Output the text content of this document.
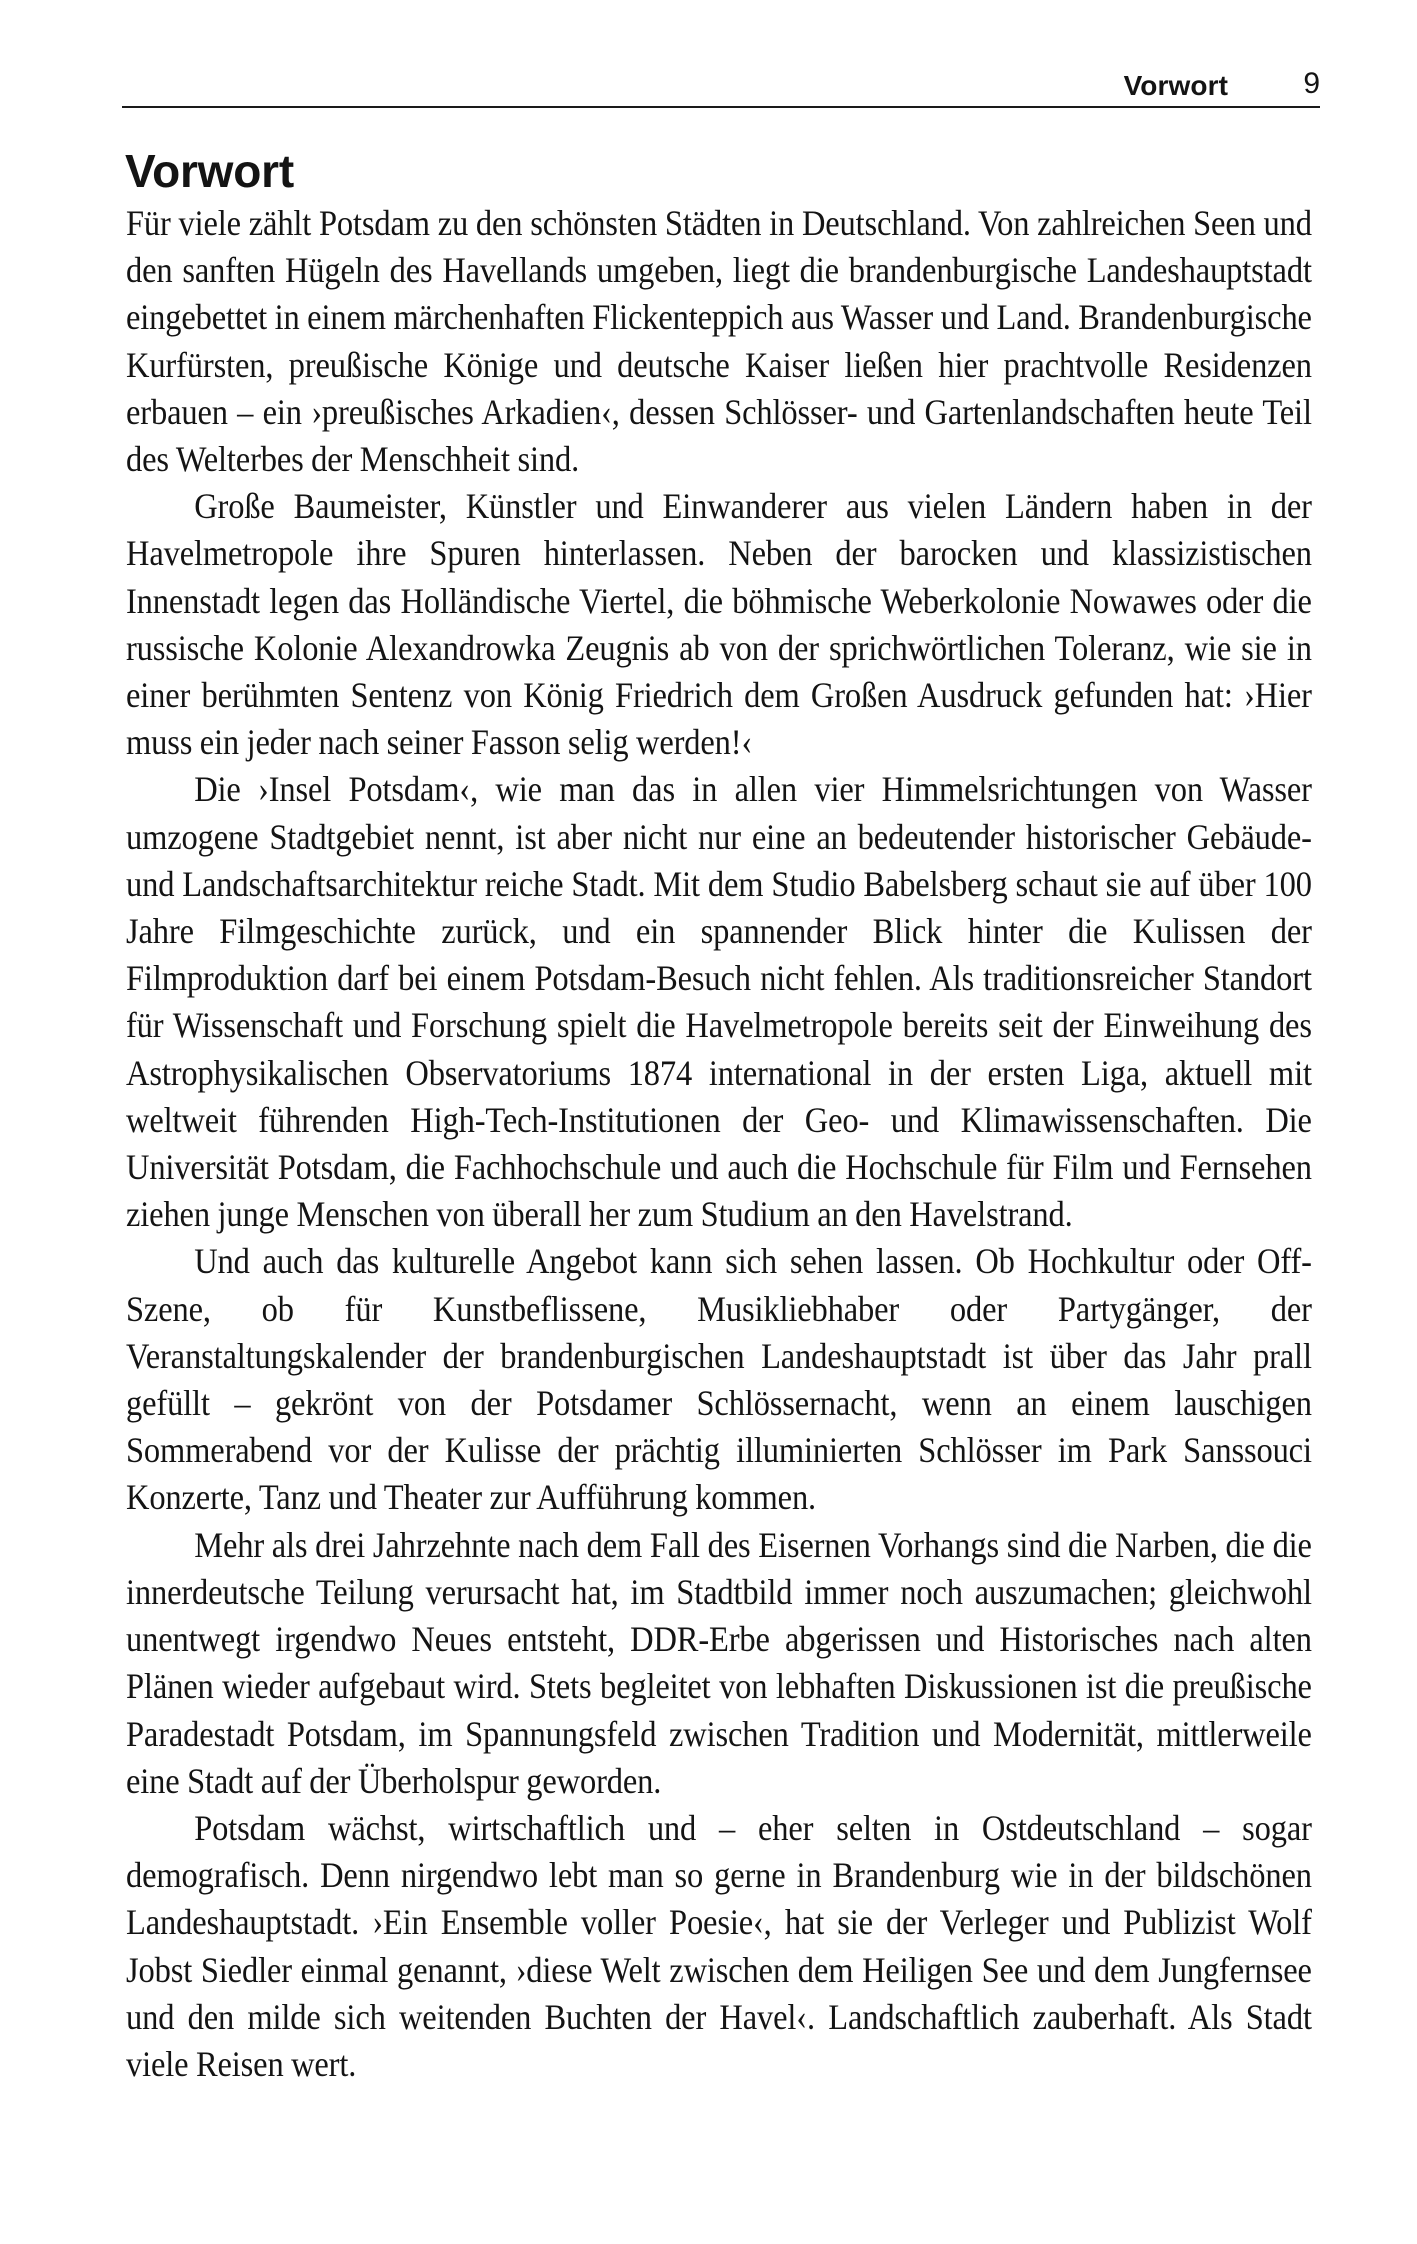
Vorwort	9
Vorwort

Für viele zählt Potsdam zu den schönsten Städten in Deutschland. Von zahlreichen Seen und den sanften Hügeln des Havellands umgeben, liegt die brandenburgische Landeshauptstadt eingebettet in einem märchenhaften Flickenteppich aus Wasser und Land. Brandenburgische Kurfürsten, preußische Könige und deutsche Kaiser ließen hier prachtvolle Residenzen erbauen – ein ›preußisches Arkadien‹, dessen Schlösser- und Gartenlandschaften heute Teil des Welterbes der Menschheit sind.

Große Baumeister, Künstler und Einwanderer aus vielen Ländern haben in der Havelmetropole ihre Spuren hinterlassen. Neben der barocken und klassizistischen Innenstadt legen das Holländische Viertel, die böhmische Weberkolonie Nowawes oder die russische Kolonie Alexandrowka Zeugnis ab von der sprichwörtlichen Toleranz, wie sie in einer berühmten Sentenz von König Friedrich dem Großen Ausdruck gefunden hat: ›Hier muss ein jeder nach seiner Fasson selig werden!‹

Die ›Insel Potsdam‹, wie man das in allen vier Himmelsrichtungen von Wasser umzogene Stadtgebiet nennt, ist aber nicht nur eine an bedeutender historischer Gebäude- und Landschaftsarchitektur reiche Stadt. Mit dem Studio Babelsberg schaut sie auf über 100 Jahre Filmgeschichte zurück, und ein spannender Blick hinter die Kulissen der Filmproduktion darf bei einem Potsdam-Besuch nicht fehlen. Als traditionsreicher Standort für Wissenschaft und Forschung spielt die Havelmetropole bereits seit der Einweihung des Astrophysikalischen Observatoriums 1874 international in der ersten Liga, aktuell mit weltweit führenden High-Tech-Institutionen der Geo- und Klimawissenschaften. Die Universität Potsdam, die Fachhochschule und auch die Hochschule für Film und Fernsehen ziehen junge Menschen von überall her zum Studium an den Havelstrand.

Und auch das kulturelle Angebot kann sich sehen lassen. Ob Hochkultur oder Off-Szene, ob für Kunstbeflissene, Musikliebhaber oder Partygänger, der Veranstaltungskalender der brandenburgischen Landeshauptstadt ist über das Jahr prall gefüllt – gekrönt von der Potsdamer Schlössernacht, wenn an einem lauschigen Sommerabend vor der Kulisse der prächtig illuminierten Schlösser im Park Sanssouci Konzerte, Tanz und Theater zur Aufführung kommen.

Mehr als drei Jahrzehnte nach dem Fall des Eisernen Vorhangs sind die Narben, die die innerdeutsche Teilung verursacht hat, im Stadtbild immer noch auszumachen; gleichwohl unentwegt irgendwo Neues entsteht, DDR-Erbe abgerissen und Historisches nach alten Plänen wieder aufgebaut wird. Stets begleitet von lebhaften Diskussionen ist die preußische Paradestadt Potsdam, im Spannungsfeld zwischen Tradition und Modernität, mittlerweile eine Stadt auf der Überholspur geworden.

Potsdam wächst, wirtschaftlich und – eher selten in Ostdeutschland – sogar demografisch. Denn nirgendwo lebt man so gerne in Brandenburg wie in der bildschönen Landeshauptstadt. ›Ein Ensemble voller Poesie‹, hat sie der Verleger und Publizist Wolf Jobst Siedler einmal genannt, ›diese Welt zwischen dem Heiligen See und dem Jungfernsee und den milde sich weitenden Buchten der Havel‹. Landschaftlich zauberhaft. Als Stadt viele Reisen wert.
